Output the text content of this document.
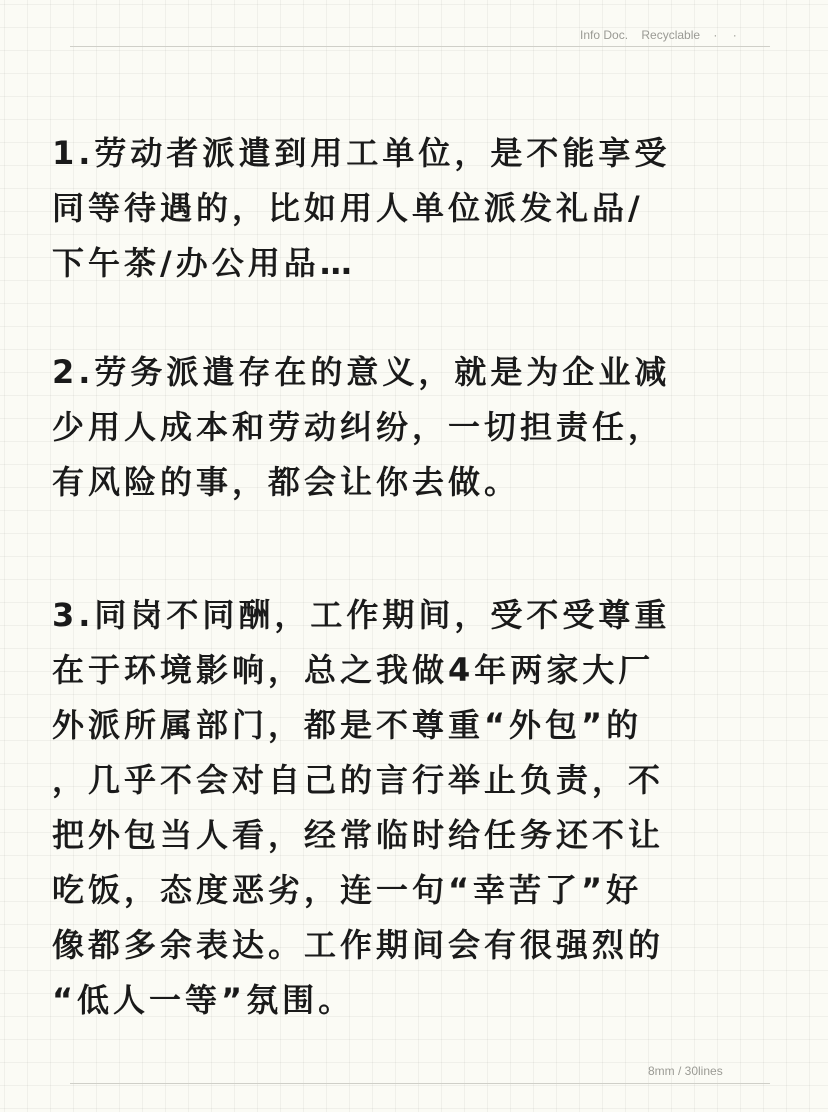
Info Doc. Recyclable · ·
1.劳动者派遣到用工单位，是不能享受
同等待遇的，比如用人单位派发礼品/
下午茶/办公用品…
2.劳务派遣存在的意义，就是为企业减
少用人成本和劳动纠纷，一切担责任，
有风险的事，都会让你去做。
3.同岗不同酬，工作期间，受不受尊重
在于环境影响，总之我做4年两家大厂
外派所属部门，都是不尊重“外包”的
，几乎不会对自己的言行举止负责，不
把外包当人看，经常临时给任务还不让
吃饭，态度恶劣，连一句“幸苦了”好
像都多余表达。工作期间会有很强烈的
“低人一等”氛围。
8mm / 30lines
